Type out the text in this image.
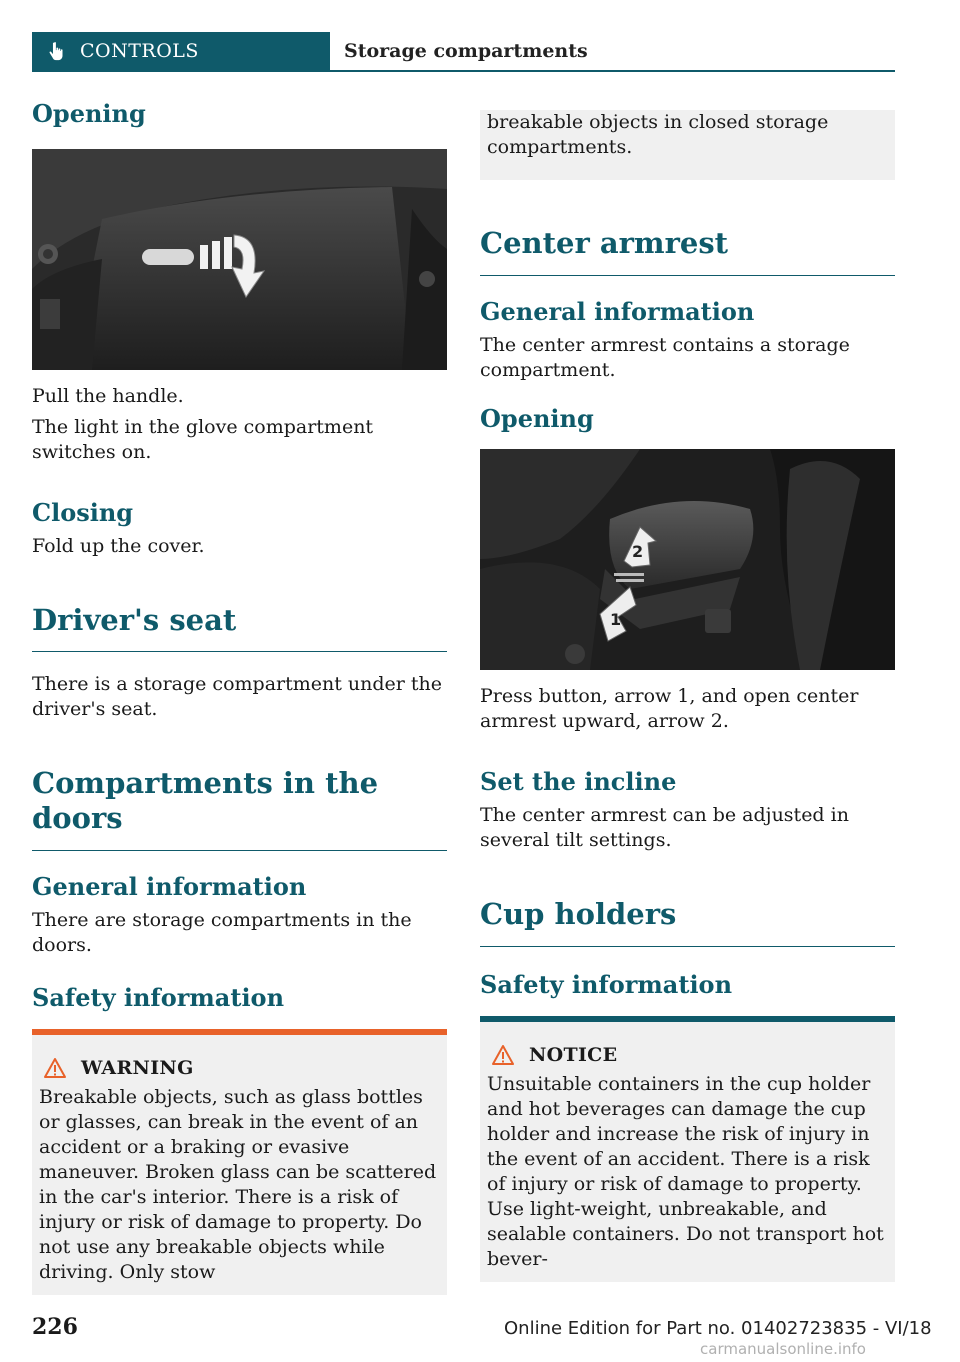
CONTROLS	Storage compartments
Opening

Pull the handle.

The light in the glove compartment switches on.

Closing

Fold up the cover.

Driver's seat

There is a storage compartment under the driver's seat.

Compartments in the doors
General information

There are storage compartments in the doors.

Safety information
WARNING

Breakable objects, such as glass bottles or glasses, can break in the event of an accident or a braking or evasive maneuver. Broken glass can be scattered in the car's interior. There is a risk of injury or risk of damage to property. Do not use any breakable objects while driving. Only stow

breakable objects in closed storage compartments.

Center armrest
General information

The center armrest contains a storage compartment.

Opening
1
2

Press button, arrow 1, and open center armrest upward, arrow 2.

Set the incline

The center armrest can be adjusted in several tilt settings.

Cup holders
Safety information
NOTICE

Unsuitable containers in the cup holder and hot beverages can damage the cup holder and increase the risk of injury in the event of an accident. There is a risk of injury or risk of damage to property. Use light-weight, unbreakable, and sealable containers. Do not transport hot bever-

226	Online Edition for Part no. 01402723835 - VI/18
carmanualsonline.info
